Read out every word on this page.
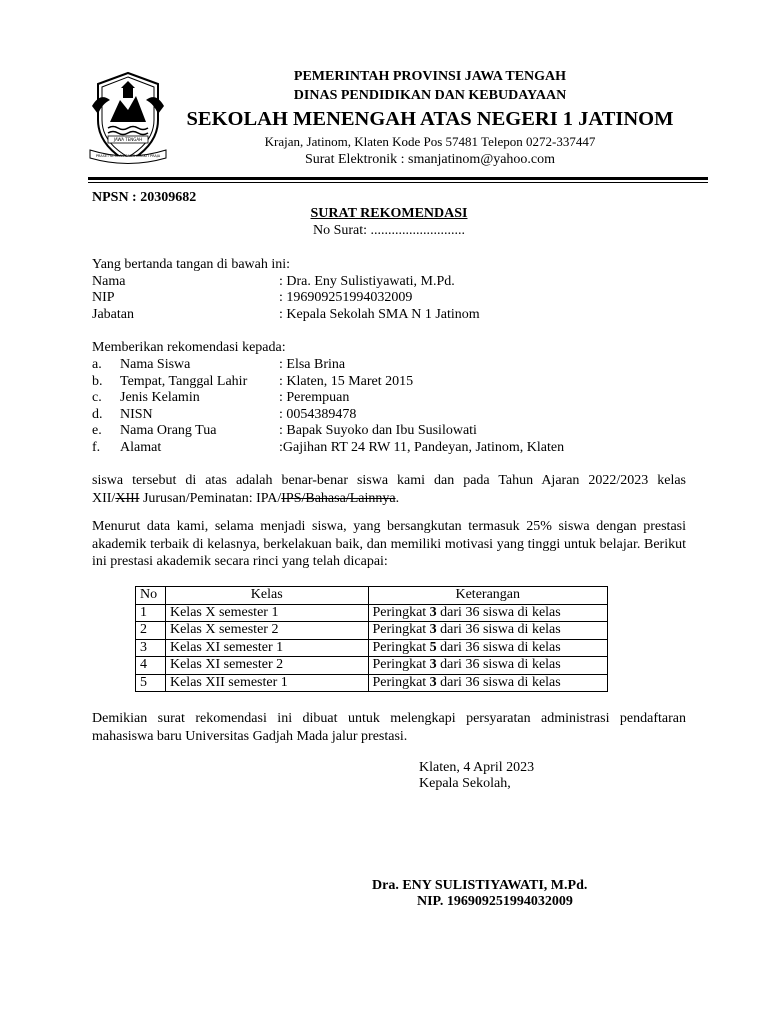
JAWA TENGAH
PRASETYA ULAH SAKTI BHAKTI PRAJA
PEMERINTAH PROVINSI JAWA TENGAH
DINAS PENDIDIKAN DAN KEBUDAYAAN
SEKOLAH MENENGAH ATAS NEGERI 1 JATINOM
Krajan, Jatinom, Klaten Kode Pos 57481 Telepon 0272-337447
Surat Elektronik : smanjatinom@yahoo.com
NPSN : 20309682
SURAT REKOMENDASI
No Surat: ...........................
Yang bertanda tangan di bawah ini:
Nama	: Dra. Eny Sulistiyawati, M.Pd.
NIP	: 196909251994032009
Jabatan	: Kepala Sekolah SMA N 1 Jatinom
Memberikan rekomendasi kepada:
a. Nama Siswa	: Elsa Brina
b. Tempat, Tanggal Lahir : Klaten, 15 Maret 2015
c. Jenis Kelamin	: Perempuan
d. NISN	: 0054389478
e. Nama Orang Tua	: Bapak Suyoko dan Ibu Susilowati
f. Alamat	:Gajihan RT 24 RW 11, Pandeyan, Jatinom, Klaten
siswa tersebut di atas adalah benar-benar siswa kami dan pada Tahun Ajaran 2022/2023 kelas
XII/XIII Jurusan/Peminatan: IPA/IPS/Bahasa/Lainnya.
Menurut data kami, selama menjadi siswa, yang bersangkutan termasuk 25% siswa dengan prestasi akademik terbaik di kelasnya, berkelakuan baik, dan memiliki motivasi yang tinggi untuk belajar. Berikut ini prestasi akademik secara rinci yang telah dicapai:
No	Kelas	Keterangan
1	Kelas X semester 1	Peringkat 3 dari 36 siswa di kelas
2	Kelas X semester 2	Peringkat 3 dari 36 siswa di kelas
3	Kelas XI semester 1	Peringkat 5 dari 36 siswa di kelas
4	Kelas XI semester 2	Peringkat 3 dari 36 siswa di kelas
5	Kelas XII semester 1	Peringkat 3 dari 36 siswa di kelas
Demikian surat rekomendasi ini dibuat untuk melengkapi persyaratan administrasi pendaftaran mahasiswa baru Universitas Gadjah Mada jalur prestasi.
Klaten, 4 April 2023
Kepala Sekolah,
Dra. ENY SULISTIYAWATI, M.Pd.
NIP. 196909251994032009
